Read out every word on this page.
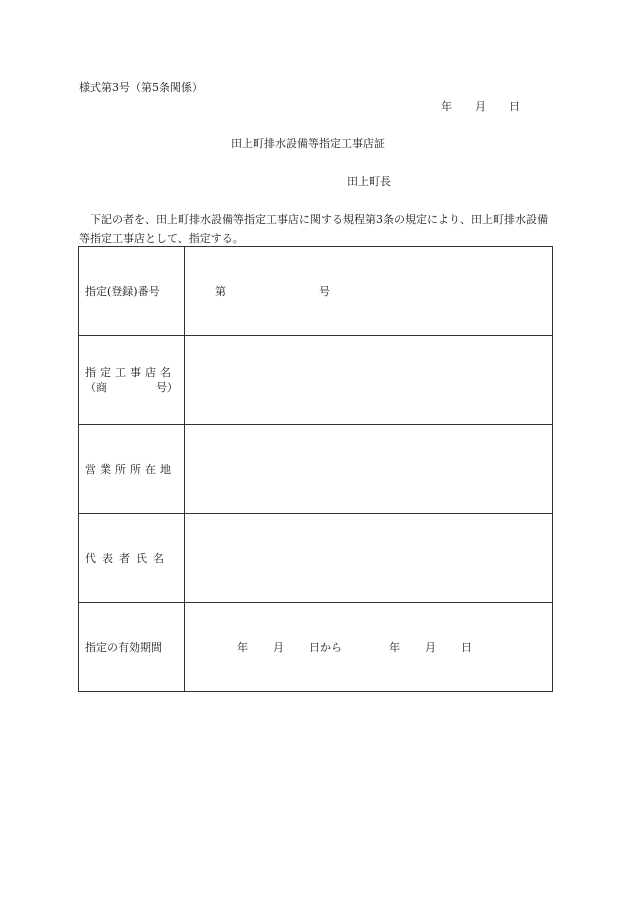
様式第3号（第5条関係）
年 月 日
田上町排水設備等指定工事店証
田上町長
下記の者を、田上町排水設備等指定工事店に関する規程第3条の規定により、田上町排水設備等指定工事店として、指定する。
指定(登録)番号	第 号

指定工事店名
（商 号）	

営業所所在地	
代表者氏名	
指定の有効期間	年 月 日から 年 月 日
